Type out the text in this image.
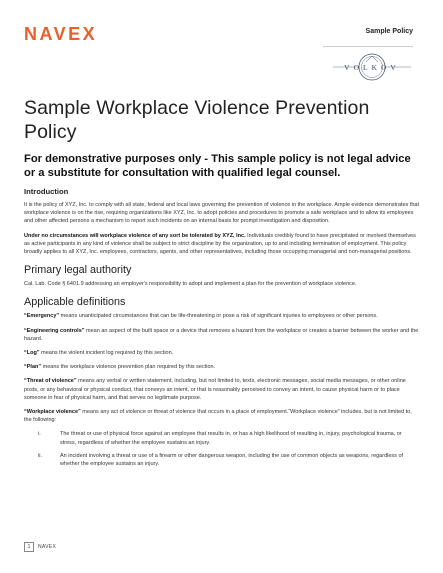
NAVEX	Sample Policy
VOLKOV
Sample Workplace Violence Prevention Policy
For demonstrative purposes only - This sample policy is not legal advice or a substitute for consultation with qualified legal counsel.
Introduction

It is the policy of XYZ, Inc. to comply with all state, federal and local laws governing the prevention of violence in the workplace. Ample evidence demonstrates that workplace violence is on the rise, requiring organizations like XYZ, Inc. to adopt policies and procedures to promote a safe workplace and to allow its employees and other affected persons a mechanism to report such incidents on an internal basis for prompt investigation and disposition.

Under no circumstances will workplace violence of any sort be tolerated by XYZ, Inc. Individuals credibly found to have precipitated or involved themselves as active participants in any kind of violence shall be subject to strict discipline by the organization, up to and including termination of employment. This policy broadly applies to all XYZ, Inc. employees, contractors, agents, and other representatives, including those occupying managerial and non-managerial positions.

Primary legal authority

Cal. Lab. Code § 6401.9 addressing an employer's responsibility to adopt and implement a plan for the prevention of workplace violence.

Applicable definitions

“Emergency” means unanticipated circumstances that can be life-threatening or pose a risk of significant injuries to employees or other persons.

“Engineering controls” mean an aspect of the built space or a device that removes a hazard from the workplace or creates a barrier between the worker and the hazard.

“Log” means the violent incident log required by this section.

“Plan” means the workplace violence prevention plan required by this section.

“Threat of violence” means any verbal or written statement, including, but not limited to, texts, electronic messages, social media messages, or other online posts, or any behavioral or physical conduct, that conveys an intent, or that is reasonably perceived to convey an intent, to cause physical harm or to place someone in fear of physical harm, and that serves no legitimate purpose.

“Workplace violence” means any act of violence or threat of violence that occurs in a place of employment.“Workplace violence” includes, but is not limited to, the following:

i.	The threat or use of physical force against an employee that results in, or has a high likelihood of resulting in, injury, psychological trauma, or stress, regardless of whether the employee sustains an injury.
ii.	An incident involving a threat or use of a firearm or other dangerous weapon, including the use of common objects as weapons, regardless of whether the employee sustains an injury.
1	NAVEX
